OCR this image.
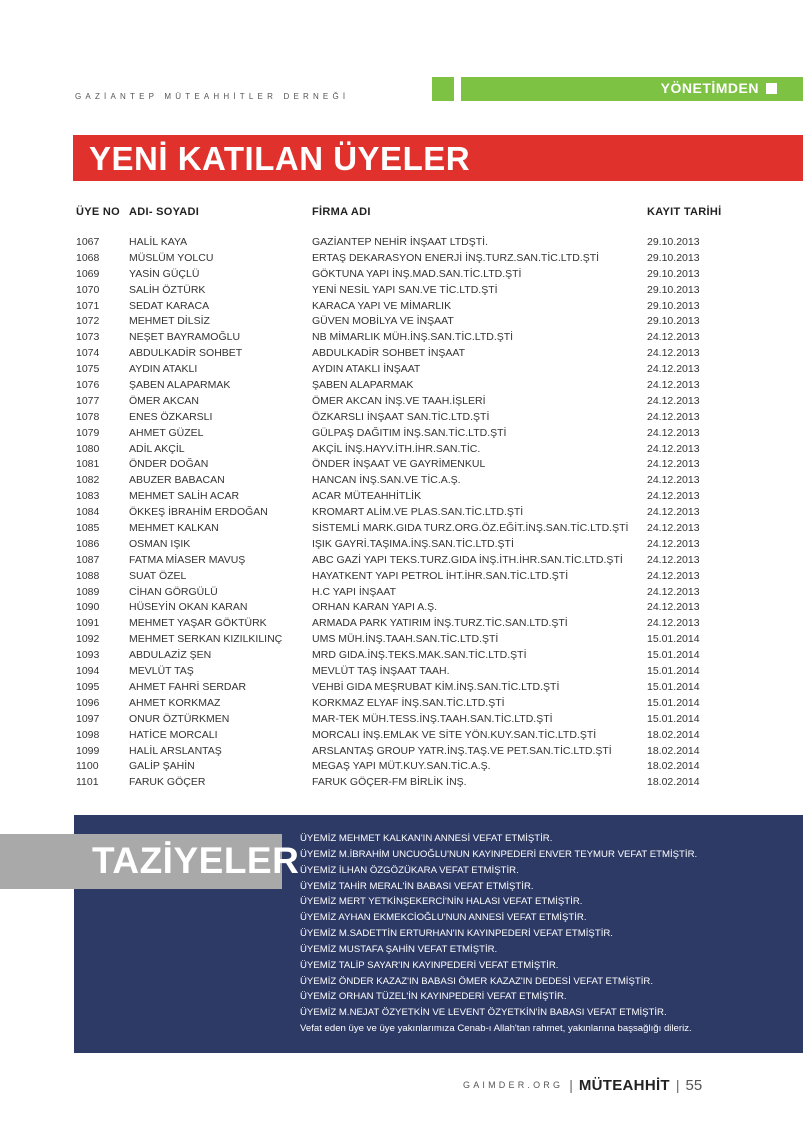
GAZİANTEP MÜTEAHHİTLER DERNEĞİ
YÖNETİMDEN
YENİ KATILAN ÜYELER
ÜYE NO ADI- SOYADI	FİRMA ADI	KAYIT TARİHİ
1067	HALİL KAYA	GAZİANTEP NEHİR İNŞAAT LTDŞTİ.	29.10.2013
1068	MÜSLÜM YOLCU	ERTAŞ DEKARASYON ENERJİ İNŞ.TURZ.SAN.TİC.LTD.ŞTİ	29.10.2013
1069	YASİN GÜÇLÜ	GÖKTUNA YAPI İNŞ.MAD.SAN.TİC.LTD.ŞTİ	29.10.2013
1070	SALİH ÖZTÜRK	YENİ NESİL YAPI SAN.VE TİC.LTD.ŞTİ	29.10.2013
1071	SEDAT KARACA	KARACA YAPI VE MİMARLIK	29.10.2013
1072	MEHMET DİLSİZ	GÜVEN MOBİLYA VE İNŞAAT	29.10.2013
1073	NEŞET BAYRAMOĞLU	NB MİMARLIK MÜH.İNŞ.SAN.TİC.LTD.ŞTİ	24.12.2013
1074	ABDULKADİR SOHBET	ABDULKADİR SOHBET İNŞAAT	24.12.2013
1075	AYDIN ATAKLI	AYDIN ATAKLI İNŞAAT	24.12.2013
1076	ŞABEN ALAPARMAK	ŞABEN ALAPARMAK	24.12.2013
1077	ÖMER AKCAN	ÖMER AKCAN İNŞ.VE TAAH.İŞLERİ	24.12.2013
1078	ENES ÖZKARSLI	ÖZKARSLI İNŞAAT SAN.TİC.LTD.ŞTİ	24.12.2013
1079	AHMET GÜZEL	GÜLPAŞ DAĞITIM İNŞ.SAN.TİC.LTD.ŞTİ	24.12.2013
1080	ADİL AKÇİL	AKÇİL İNŞ.HAYV.İTH.İHR.SAN.TİC.	24.12.2013
1081	ÖNDER DOĞAN	ÖNDER İNŞAAT VE GAYRİMENKUL	24.12.2013
1082	ABUZER BABACAN	HANCAN İNŞ.SAN.VE TİC.A.Ş.	24.12.2013
1083	MEHMET SALİH ACAR	ACAR MÜTEAHHİTLİK	24.12.2013
1084	ÖKKEŞ İBRAHİM ERDOĞAN	KROMART ALİM.VE PLAS.SAN.TİC.LTD.ŞTİ	24.12.2013
1085	MEHMET KALKAN	SİSTEMLİ MARK.GIDA TURZ.ORG.ÖZ.EĞİT.İNŞ.SAN.TİC.LTD.ŞTİ 24.12.2013
1086	OSMAN IŞIK	IŞIK GAYRİ.TAŞIMA.İNŞ.SAN.TİC.LTD.ŞTİ	24.12.2013
1087	FATMA MİASER MAVUŞ	ABC GAZİ YAPI TEKS.TURZ.GIDA İNŞ.İTH.İHR.SAN.TİC.LTD.ŞTİ 24.12.2013
1088	SUAT ÖZEL	HAYATKENT YAPI PETROL İHT.İHR.SAN.TİC.LTD.ŞTİ	24.12.2013
1089	CİHAN GÖRGÜLÜ	H.C YAPI İNŞAAT	24.12.2013
1090	HÜSEYİN OKAN KARAN	ORHAN KARAN YAPI A.Ş.	24.12.2013
1091	MEHMET YAŞAR GÖKTÜRK	ARMADA PARK YATIRIM İNŞ.TURZ.TİC.SAN.LTD.ŞTİ	24.12.2013
1092	MEHMET SERKAN KIZILKILINÇ	UMS MÜH.İNŞ.TAAH.SAN.TİC.LTD.ŞTİ	15.01.2014
1093	ABDULAZİZ ŞEN	MRD GIDA.İNŞ.TEKS.MAK.SAN.TİC.LTD.ŞTİ	15.01.2014
1094	MEVLÜT TAŞ	MEVLÜT TAŞ İNŞAAT TAAH.	15.01.2014
1095	AHMET FAHRİ SERDAR	VEHBİ GIDA MEŞRUBAT KİM.İNŞ.SAN.TİC.LTD.ŞTİ	15.01.2014
1096	AHMET KORKMAZ	KORKMAZ ELYAF İNŞ.SAN.TİC.LTD.ŞTİ	15.01.2014
1097	ONUR ÖZTÜRKMEN	MAR-TEK MÜH.TESS.İNŞ.TAAH.SAN.TİC.LTD.ŞTİ	15.01.2014
1098	HATİCE MORCALI	MORCALI İNŞ.EMLAK VE SİTE YÖN.KUY.SAN.TİC.LTD.ŞTİ	18.02.2014
1099	HALİL ARSLANTAŞ	ARSLANTAŞ GROUP YATR.İNŞ.TAŞ.VE PET.SAN.TİC.LTD.ŞTİ	18.02.2014
1100	GALİP ŞAHİN	MEGAŞ YAPI MÜT.KUY.SAN.TİC.A.Ş.	18.02.2014
1101	FARUK GÖÇER	FARUK GÖÇER-FM BİRLİK İNŞ.	18.02.2014
TAZİYELER
ÜYEMİZ MEHMET KALKAN'IN ANNESİ VEFAT ETMİŞTİR.
ÜYEMİZ M.İBRAHİM UNCUOĞLU'NUN KAYINPEDERİ ENVER TEYMUR VEFAT ETMİŞTİR.
ÜYEMİZ İLHAN ÖZGÖZÜKARA VEFAT ETMİŞTİR.
ÜYEMİZ TAHİR MERAL'İN BABASI VEFAT ETMİŞTİR.
ÜYEMİZ MERT YETKİNŞEKERCİ'NİN HALASI VEFAT ETMİŞTİR.
ÜYEMİZ AYHAN EKMEKCİOĞLU'NUN ANNESİ VEFAT ETMİŞTİR.
ÜYEMİZ M.SADETTİN ERTURHAN'IN KAYINPEDERİ VEFAT ETMİŞTİR.
ÜYEMİZ MUSTAFA ŞAHİN VEFAT ETMİŞTİR.
ÜYEMİZ TALİP SAYAR'IN KAYINPEDERİ VEFAT ETMİŞTİR.
ÜYEMİZ ÖNDER KAZAZ'IN BABASI ÖMER KAZAZ'IN DEDESİ VEFAT ETMİŞTİR.
ÜYEMİZ ORHAN TÜZEL'İN KAYINPEDERİ VEFAT ETMİŞTİR.
ÜYEMİZ M.NEJAT ÖZYETKİN VE LEVENT ÖZYETKİN'İN BABASI VEFAT ETMİŞTİR.
Vefat eden üye ve üye yakınlarımıza Cenab-ı Allah'tan rahmet, yakınlarına başsağlığı dileriz.
GAIMDER.ORG | MÜTEAHHİT | 55
